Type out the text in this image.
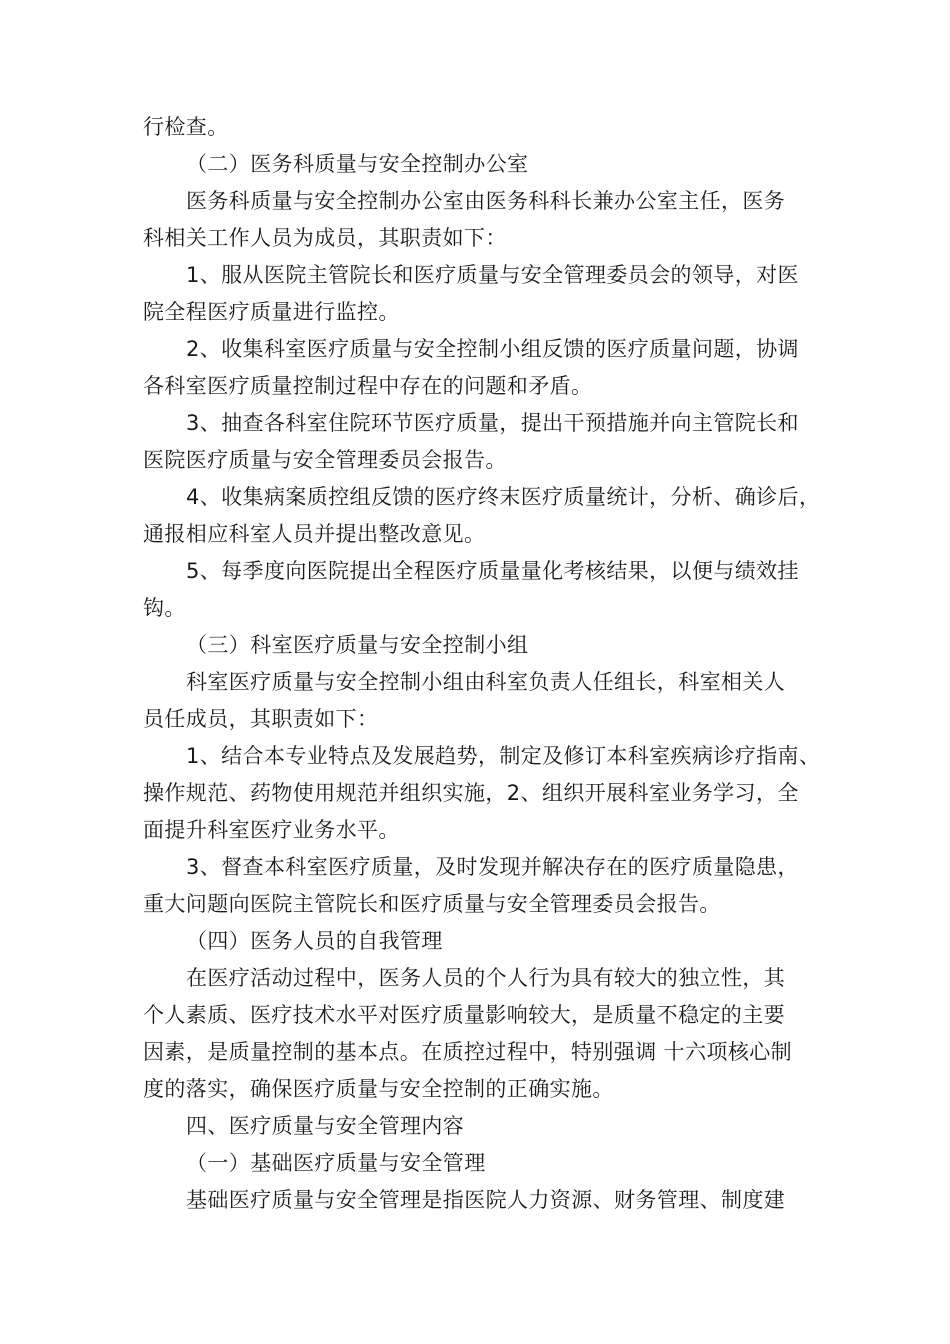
行检查。
（二）医务科质量与安全控制办公室
医务科质量与安全控制办公室由医务科科长兼办公室主任，医务
科相关工作人员为成员，其职责如下：
1、服从医院主管院长和医疗质量与安全管理委员会的领导，对医
院全程医疗质量进行监控。
2、收集科室医疗质量与安全控制小组反馈的医疗质量问题，协调
各科室医疗质量控制过程中存在的问题和矛盾。
3、抽查各科室住院环节医疗质量，提出干预措施并向主管院长和
医院医疗质量与安全管理委员会报告。
4、收集病案质控组反馈的医疗终末医疗质量统计，分析、确诊后，
通报相应科室人员并提出整改意见。
5、每季度向医院提出全程医疗质量量化考核结果，以便与绩效挂
钩。
（三）科室医疗质量与安全控制小组
科室医疗质量与安全控制小组由科室负责人任组长，科室相关人
员任成员，其职责如下：
1、结合本专业特点及发展趋势，制定及修订本科室疾病诊疗指南、
操作规范、药物使用规范并组织实施，2、组织开展科室业务学习，全
面提升科室医疗业务水平。
3、督查本科室医疗质量，及时发现并解决存在的医疗质量隐患，
重大问题向医院主管院长和医疗质量与安全管理委员会报告。
（四）医务人员的自我管理
在医疗活动过程中，医务人员的个人行为具有较大的独立性，其
个人素质、医疗技术水平对医疗质量影响较大，是质量不稳定的主要
因素，是质量控制的基本点。在质控过程中，特别强调 十六项核心制
度的落实，确保医疗质量与安全控制的正确实施。
四、医疗质量与安全管理内容
（一）基础医疗质量与安全管理
基础医疗质量与安全管理是指医院人力资源、财务管理、制度建
